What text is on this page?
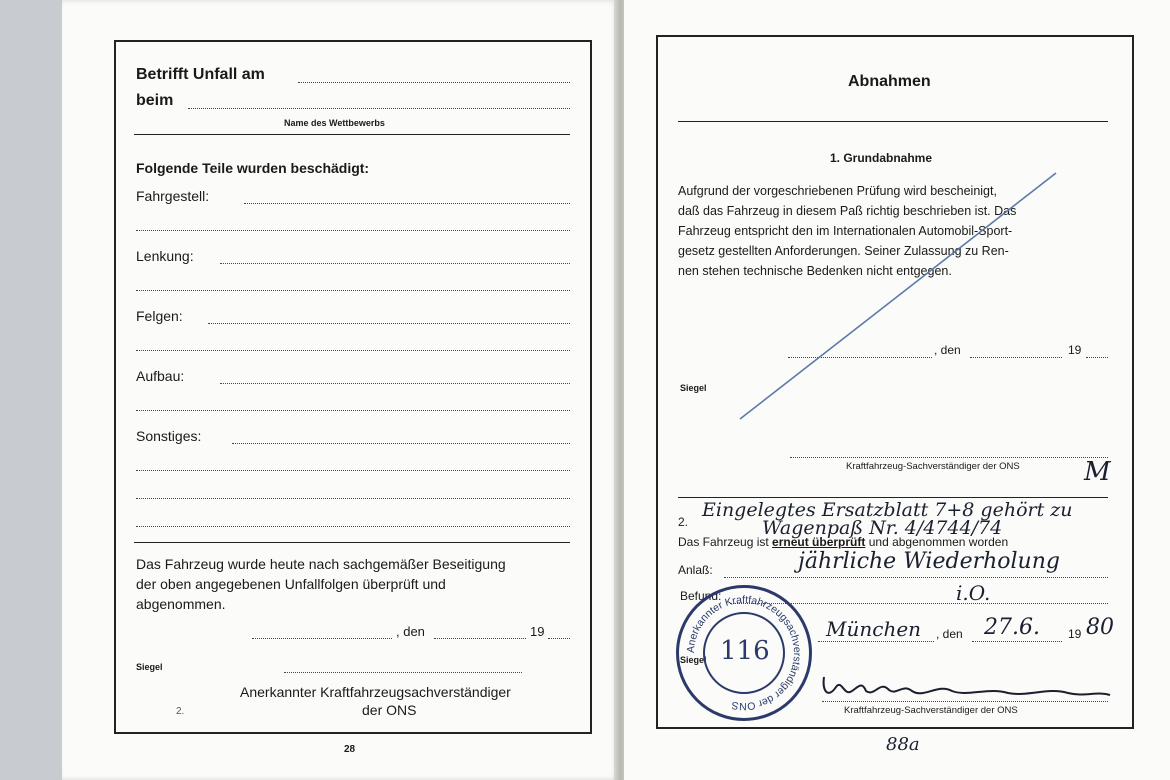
Betrifft Unfall am
beim
Name des Wettbewerbs
Folgende Teile wurden beschädigt:
Fahrgestell:
Lenkung:
Felgen:
Aufbau:
Sonstiges:
Das Fahrzeug wurde heute nach sachgemäßer Beseitigung
der oben angegebenen Unfallfolgen überprüft und
abgenommen.
, den	19
Siegel
Anerkannter Kraftfahrzeugsachverständiger
der ONS
2.
28
Abnahmen
1. Grundabnahme
Aufgrund der vorgeschriebenen Prüfung wird bescheinigt,
daß das Fahrzeug in diesem Paß richtig beschrieben ist. Das
Fahrzeug entspricht den im Internationalen Automobil-Sport-
gesetz gestellten Anforderungen. Seiner Zulassung zu Ren-
nen stehen technische Bedenken nicht entgegen.
, den	19
Siegel
Kraftfahrzeug-Sachverständiger der ONS M
2.
Eingelegtes Ersatzblatt 7+8 gehört zu
Wagenpaß Nr. 4/4744/74
Das Fahrzeug ist erneut überprüft und abgenommen worden
Anlaß:	jährliche Wiederholung
Befund:	i.O.
München , den 27.6. 19 80
Siegel
Kraftfahrzeug-Sachverständiger der ONS
Anerkannter Kraftfahrzeugsachverständiger der ONS
116
88a
